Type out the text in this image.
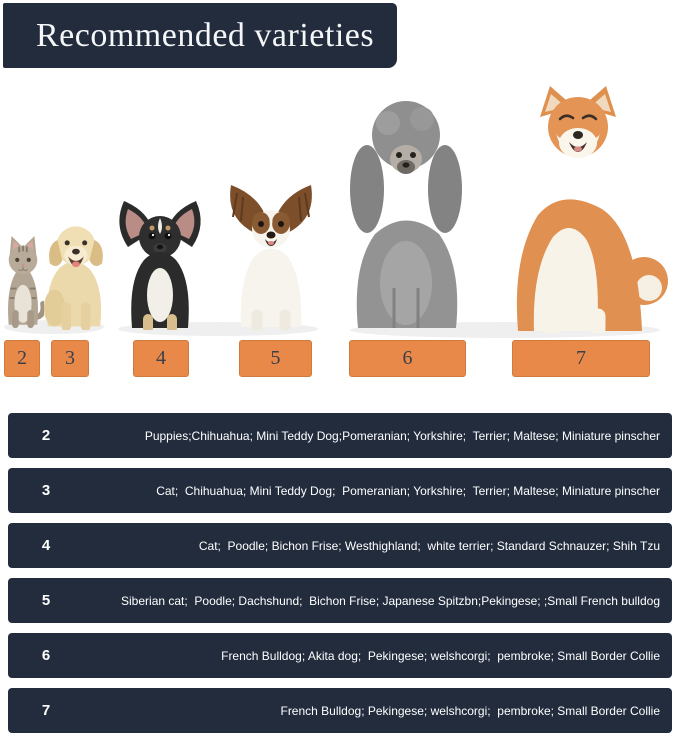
Recommended varieties
2	3	4	5	6	7
2	Puppies;Chihuahua; Mini Teddy Dog;Pomeranian; Yorkshire;  Terrier; Maltese; Miniature pinscher
3	Cat;  Chihuahua; Mini Teddy Dog;  Pomeranian; Yorkshire;  Terrier; Maltese; Miniature pinscher
4	Cat;  Poodle; Bichon Frise; Westhighland;  white terrier; Standard Schnauzer; Shih Tzu
5	Siberian cat;  Poodle; Dachshund;  Bichon Frise; Japanese Spitzbn;Pekingese; ;Small French bulldog
6	French Bulldog; Akita dog;  Pekingese; welshcorgi;  pembroke; Small Border Collie
7	French Bulldog; Pekingese; welshcorgi;  pembroke; Small Border Collie
